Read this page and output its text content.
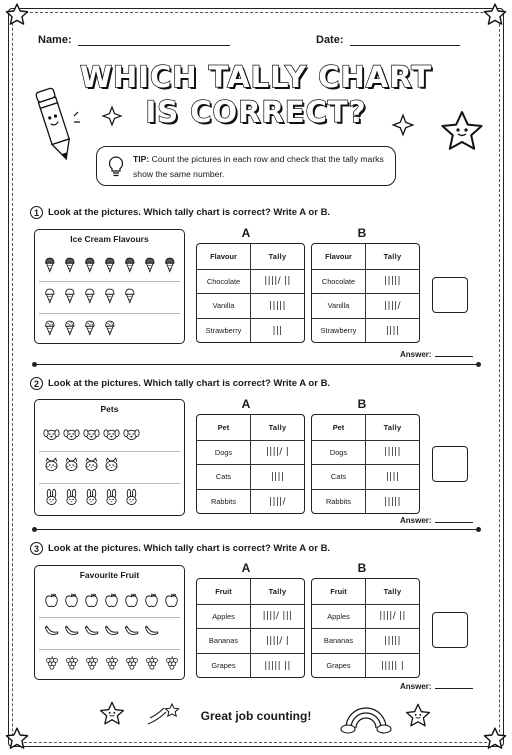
Name:	Date:
WHICH TALLY CHART
IS CORRECT?
TIP: Count the pictures in each row and check that the tally marks show the same number.
1 Look at the pictures. Which tally chart is correct? Write A or B.
Ice Cream Flavours	A	B
Flavour	Tally
Chocolate	||||/ ||
Vanilla	|||||
Strawberry	|||
Flavour	Tally
Chocolate	|||||
Vanilla	||||/
Strawberry	||||
Answer:
2 Look at the pictures. Which tally chart is correct? Write A or B.
Pets	A	B
Pet	Tally
Dogs	||||/ |
Cats	||||
Rabbits	||||/
Pet	Tally
Dogs	|||||
Cats	||||
Rabbits	|||||
Answer:
3 Look at the pictures. Which tally chart is correct? Write A or B.
Favourite Fruit	A	B
Fruit	Tally
Apples	||||/ |||
Bananas	||||/ |
Grapes	||||| ||
Fruit	Tally
Apples	||||/ ||
Bananas	|||||
Grapes	||||| |
Answer:
Great job counting!
